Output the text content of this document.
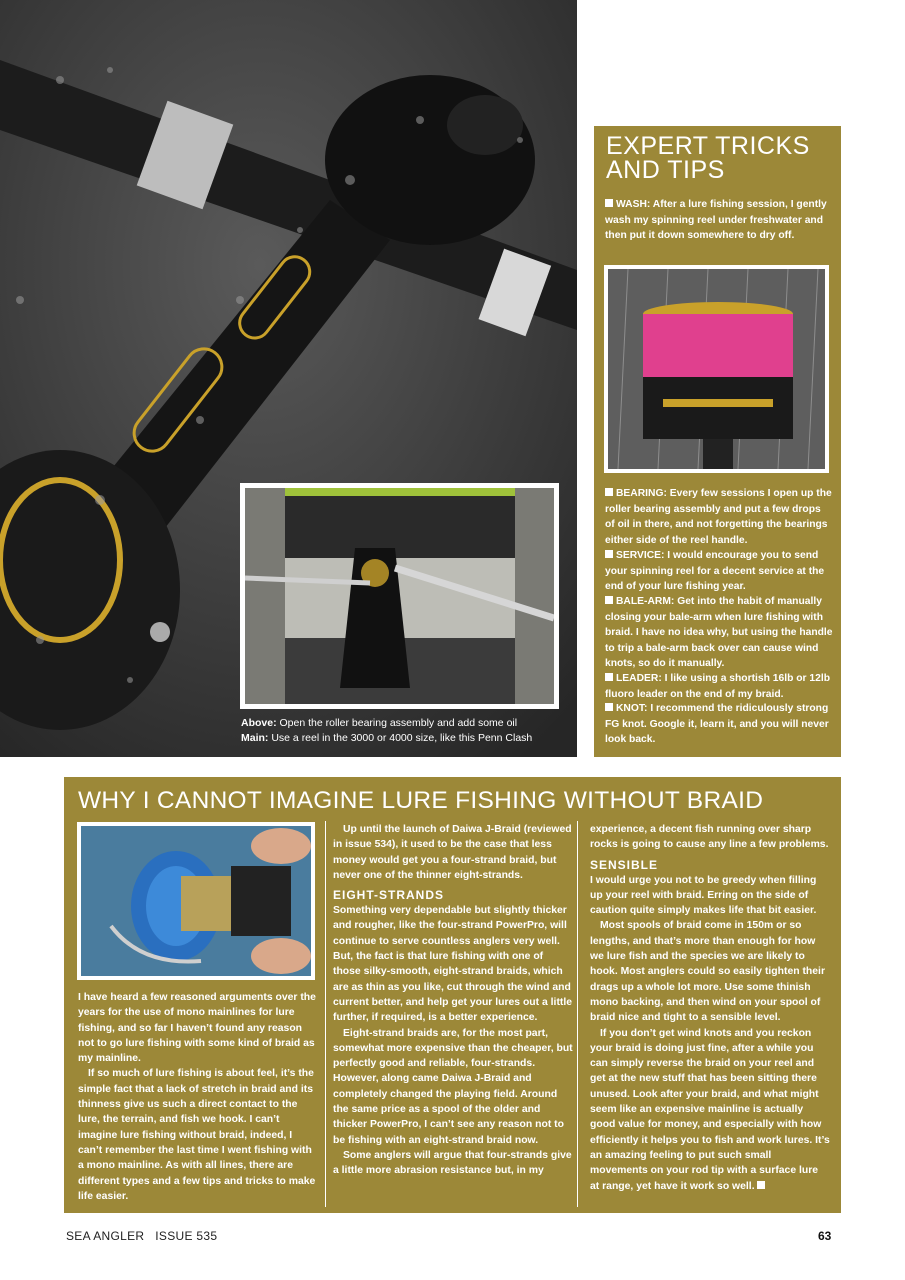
Above: Open the roller bearing assembly and add some oil
Main: Use a reel in the 3000 or 4000 size, like this Penn Clash
EXPERT TRICKS
AND TIPS
WASH: After a lure fishing session, I gently wash my spinning reel under freshwater and then put it down somewhere to dry off.
BEARING: Every few sessions I open up the roller bearing assembly and put a few drops of oil in there, and not forgetting the bearings either side of the reel handle.
SERVICE: I would encourage you to send your spinning reel for a decent service at the end of your lure fishing year.
BALE-ARM: Get into the habit of manually closing your bale-arm when lure fishing with braid. I have no idea why, but using the handle to trip a bale-arm back over can cause wind knots, so do it manually.
LEADER: I like using a shortish 16lb or 12lb fluoro leader on the end of my braid.
KNOT: I recommend the ridiculously strong FG knot. Google it, learn it, and you will never look back.
WHY I CANNOT IMAGINE LURE FISHING WITHOUT BRAID

I have heard a few reasoned arguments over the years for the use of mono mainlines for lure fishing, and so far I haven’t found any reason not to go lure fishing with some kind of braid as my mainline.

If so much of lure fishing is about feel, it’s the simple fact that a lack of stretch in braid and its thinness give us such a direct contact to the lure, the terrain, and fish we hook. I can’t imagine lure fishing without braid, indeed, I can’t remember the last time I went fishing with a mono mainline. As with all lines, there are different types and a few tips and tricks to make life easier.

Up until the launch of Daiwa J-Braid (reviewed in issue 534), it used to be the case that less money would get you a four-strand braid, but never one of the thinner eight-strands.

EIGHT-STRANDS

Something very dependable but slightly thicker and rougher, like the four-strand PowerPro, will continue to serve countless anglers very well. But, the fact is that lure fishing with one of those silky-smooth, eight-strand braids, which are as thin as you like, cut through the wind and current better, and help get your lures out a little further, if required, is a better experience.

Eight-strand braids are, for the most part, somewhat more expensive than the cheaper, but perfectly good and reliable, four-strands. However, along came Daiwa J-Braid and completely changed the playing field. Around the same price as a spool of the older and thicker PowerPro, I can’t see any reason not to be fishing with an eight-strand braid now.

Some anglers will argue that four-strands give a little more abrasion resistance but, in my

experience, a decent fish running over sharp rocks is going to cause any line a few problems.

SENSIBLE

I would urge you not to be greedy when filling up your reel with braid. Erring on the side of caution quite simply makes life that bit easier.

Most spools of braid come in 150m or so lengths, and that’s more than enough for how we lure fish and the species we are likely to hook. Most anglers could so easily tighten their drags up a whole lot more. Use some thinish mono backing, and then wind on your spool of braid nice and tight to a sensible level.

If you don’t get wind knots and you reckon your braid is doing just fine, after a while you can simply reverse the braid on your reel and get at the new stuff that has been sitting there unused. Look after your braid, and what might seem like an expensive mainline is actually good value for money, and especially with how efficiently it helps you to fish and work lures. It’s an amazing feeling to put such small movements on your rod tip with a surface lure at range, yet have it work so well.

SEA ANGLER ISSUE 535	63
